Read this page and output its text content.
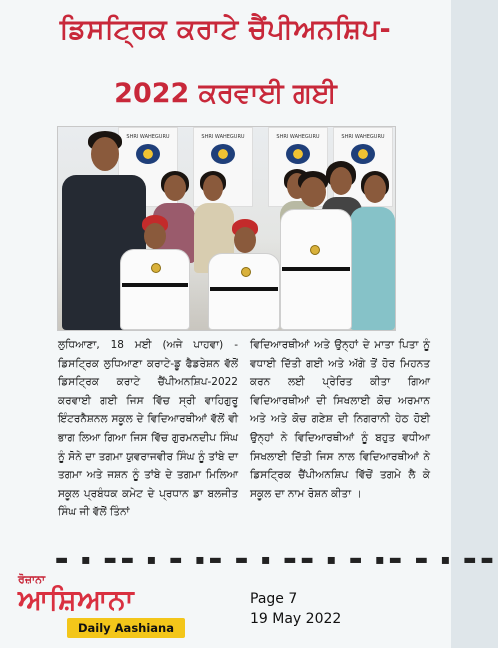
ਡਿਸਟ੍ਰਿਕ ਕਰਾਟੇ ਚੈਂਪੀਅਨਸ਼ਿਪ-
2022 ਕਰਵਾਈ ਗਈ
SHRI WAHEGURU	SHRI WAHEGURU	SHRI WAHEGURU	SHRI WAHEGURU
ਲੁਧਿਆਣਾ, 18 ਮਈ (ਅਜੇ ਪਾਹਵਾ) - ਡਿਸਟ੍ਰਿਕ ਲੁਧਿਆਣਾ ਕਰਾਟੇ-ਡੂ ਫੈਡਰੇਸ਼ਨ ਵੱਲੋਂ ਡਿਸਟ੍ਰਿਕ ਕਰਾਟੇ ਚੈਂਪੀਅਨਸ਼ਿਪ-2022 ਕਰਵਾਈ ਗਈ ਜਿਸ ਵਿੱਚ ਸ੍ਰੀ ਵਾਹਿਗੁਰੂ ਇੰਟਰਨੈਸ਼ਨਲ ਸਕੂਲ ਦੇ ਵਿਦਿਆਰਥੀਆਂ ਵੱਲੋਂ ਵੀ ਭਾਗ ਲਿਆ ਗਿਆ ਜਿਸ ਵਿੱਚ ਗੁਰਮਨਦੀਪ ਸਿੰਘ ਨੂੰ ਸੋਨੇ ਦਾ ਤਗਮਾ ਯੁਵਰਾਜਵੀਰ ਸਿੰਘ ਨੂੰ ਤਾਂਬੇ ਦਾ ਤਗਮਾ ਅਤੇ ਜਸ਼ਨ ਨੂੰ ਤਾਂਬੇ ਦੇ ਤਗਮਾ ਮਿਲਿਆ ਸਕੂਲ ਪ੍ਰਬੰਧਕ ਕਮੇਟ ਦੇ ਪ੍ਰਧਾਨ ਡਾ ਬਲਜੀਤ ਸਿੰਘ ਜੀ ਵੱਲੋਂ ਤਿੰਨਾਂ
ਵਿਦਿਆਰਥੀਆਂ ਅਤੇ ਉਨ੍ਹਾਂ ਦੇ ਮਾਤਾ ਪਿਤਾ ਨੂੰ ਵਧਾਈ ਦਿੱਤੀ ਗਈ ਅਤੇ ਅੱਗੇ ਤੋਂ ਹੋਰ ਮਿਹਨਤ ਕਰਨ ਲਈ ਪ੍ਰੇਰਿਤ ਕੀਤਾ ਗਿਆ ਵਿਦਿਆਰਥੀਆਂ ਦੀ ਸਿਖਲਾਈ ਕੋਚ ਅਰਮਾਨ ਅਤੇ ਅਤੇ ਕੋਚ ਗਣੇਸ਼ ਦੀ ਨਿਗਰਾਨੀ ਹੇਠ ਹੋਈ ਉਨ੍ਹਾਂ ਨੇ ਵਿਦਿਆਰਥੀਆਂ ਨੂੰ ਬਹੁਤ ਵਧੀਆ ਸਿਖਲਾਈ ਦਿੱਤੀ ਜਿਸ ਨਾਲ ਵਿਦਿਆਰਥੀਆਂ ਨੇ ਡਿਸਟ੍ਰਿਕ ਚੈਂਪੀਅਨਸ਼ਿਪ ਵਿੱਚੋਂ ਤਗਮੇ ਲੈ ਕੇ ਸਕੂਲ ਦਾ ਨਾਮ ਰੋਸ਼ਨ ਕੀਤਾ ।
▬ ▪ ▬▬ ▪ ▬ ▪▬ ▬ ▪ ▬▬ ▪ ▬ ▪▬ ▬ ▪ ▬▬
ਰੋਜ਼ਾਨਾ
ਆਸ਼ਿਆਨਾ
Daily Aashiana
Page 7
19 May 2022
